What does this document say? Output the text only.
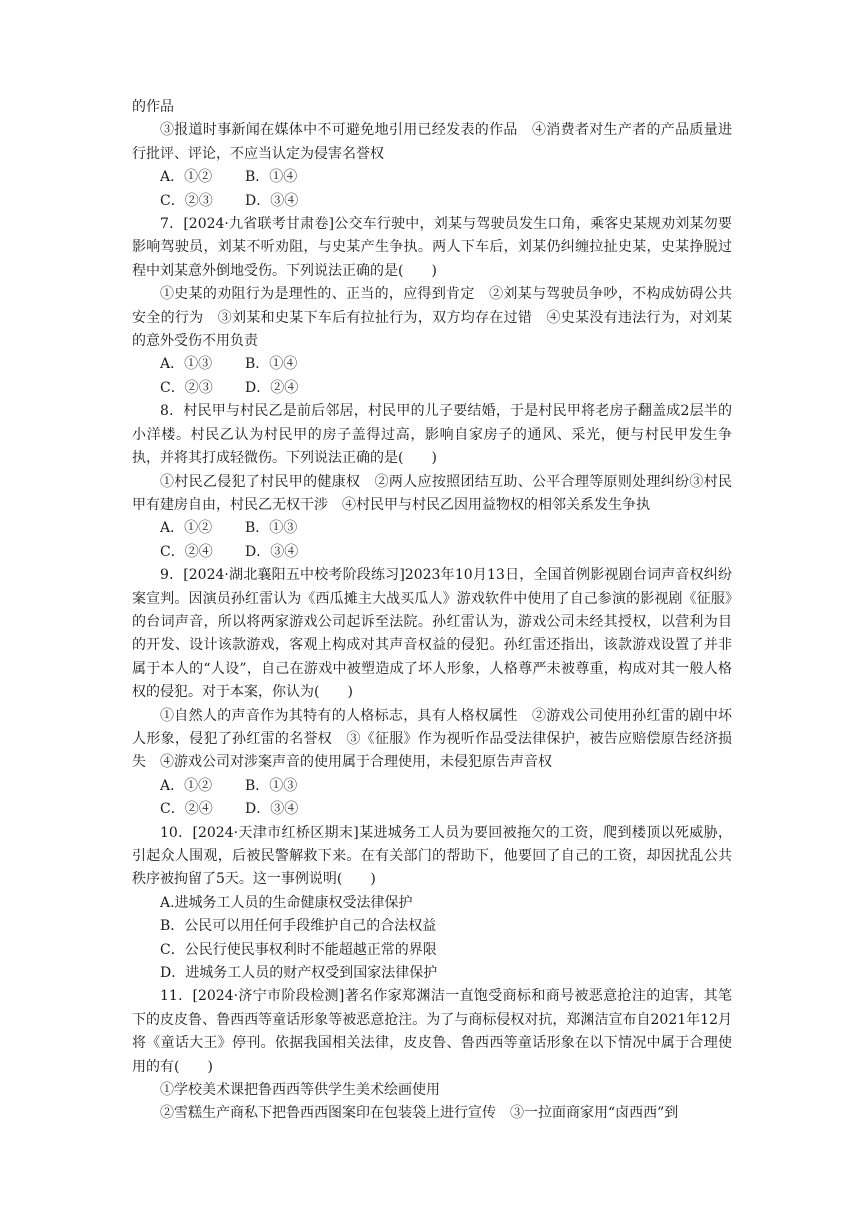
的作品

③报道时事新闻在媒体中不可避免地引用已经发表的作品　④消费者对生产者的产品质量进行批评、评论，不应当认定为侵害名誉权

A．①②	B．①④
C．②③	D．③④

7．[2024·九省联考甘肃卷]公交车行驶中，刘某与驾驶员发生口角，乘客史某规劝刘某勿要影响驾驶员，刘某不听劝阻，与史某产生争执。两人下车后，刘某仍纠缠拉扯史某，史某挣脱过程中刘某意外倒地受伤。下列说法正确的是(　　)

①史某的劝阻行为是理性的、正当的，应得到肯定　②刘某与驾驶员争吵，不构成妨碍公共安全的行为　③刘某和史某下车后有拉扯行为，双方均存在过错　④史某没有违法行为，对刘某的意外受伤不用负责

A．①③	B．①④
C．②③	D．②④

8．村民甲与村民乙是前后邻居，村民甲的儿子要结婚，于是村民甲将老房子翻盖成2层半的小洋楼。村民乙认为村民甲的房子盖得过高，影响自家房子的通风、采光，便与村民甲发生争执，并将其打成轻微伤。下列说法正确的是(　　)

①村民乙侵犯了村民甲的健康权　②两人应按照团结互助、公平合理等原则处理纠纷③村民甲有建房自由，村民乙无权干涉　④村民甲与村民乙因用益物权的相邻关系发生争执

A．①②	B．①③
C．②④	D．③④

9．[2024·湖北襄阳五中校考阶段练习]2023年10月13日，全国首例影视剧台词声音权纠纷案宣判。因演员孙红雷认为《西瓜摊主大战买瓜人》游戏软件中使用了自己参演的影视剧《征服》的台词声音，所以将两家游戏公司起诉至法院。孙红雷认为，游戏公司未经其授权，以营利为目的开发、设计该款游戏，客观上构成对其声音权益的侵犯。孙红雷还指出，该款游戏设置了并非属于本人的“人设”，自己在游戏中被塑造成了坏人形象，人格尊严未被尊重，构成对其一般人格权的侵犯。对于本案，你认为(　　)

①自然人的声音作为其特有的人格标志，具有人格权属性　②游戏公司使用孙红雷的剧中坏人形象，侵犯了孙红雷的名誉权　③《征服》作为视听作品受法律保护，被告应赔偿原告经济损失　④游戏公司对涉案声音的使用属于合理使用，未侵犯原告声音权

A．①②	B．①③
C．②④	D．③④

10．[2024·天津市红桥区期末]某进城务工人员为要回被拖欠的工资，爬到楼顶以死威胁，引起众人围观，后被民警解救下来。在有关部门的帮助下，他要回了自己的工资，却因扰乱公共秩序被拘留了5天。这一事例说明(　　)

A.进城务工人员的生命健康权受法律保护

B．公民可以用任何手段维护自己的合法权益

C．公民行使民事权利时不能超越正常的界限

D．进城务工人员的财产权受到国家法律保护

11．[2024·济宁市阶段检测]著名作家郑渊洁一直饱受商标和商号被恶意抢注的迫害，其笔下的皮皮鲁、鲁西西等童话形象等被恶意抢注。为了与商标侵权对抗，郑渊洁宣布自2021年12月将《童话大王》停刊。依据我国相关法律，皮皮鲁、鲁西西等童话形象在以下情况中属于合理使用的有(　　)

①学校美术课把鲁西西等供学生美术绘画使用

②雪糕生产商私下把鲁西西图案印在包装袋上进行宣传　③一拉面商家用“卤西西”到
